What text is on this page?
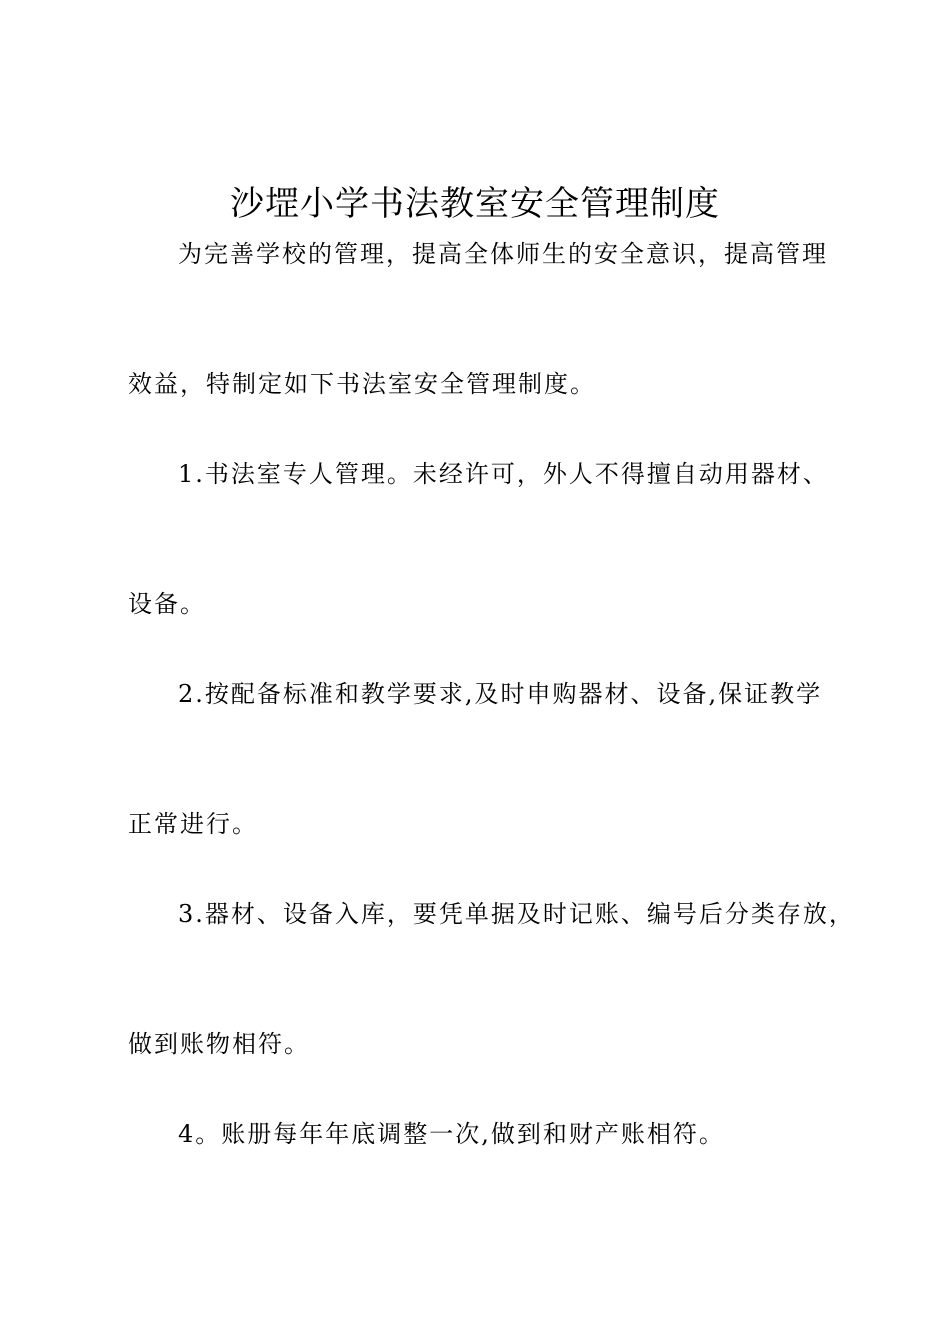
沙堽小学书法教室安全管理制度
为完善学校的管理，提高全体师生的安全意识，提高管理
效益，特制定如下书法室安全管理制度。
1.书法室专人管理。未经许可，外人不得擅自动用器材、
设备。
2.按配备标准和教学要求,及时申购器材、设备,保证教学
正常进行。
3.器材、设备入库，要凭单据及时记账、编号后分类存放，
做到账物相符。
4。账册每年年底调整一次,做到和财产账相符。
